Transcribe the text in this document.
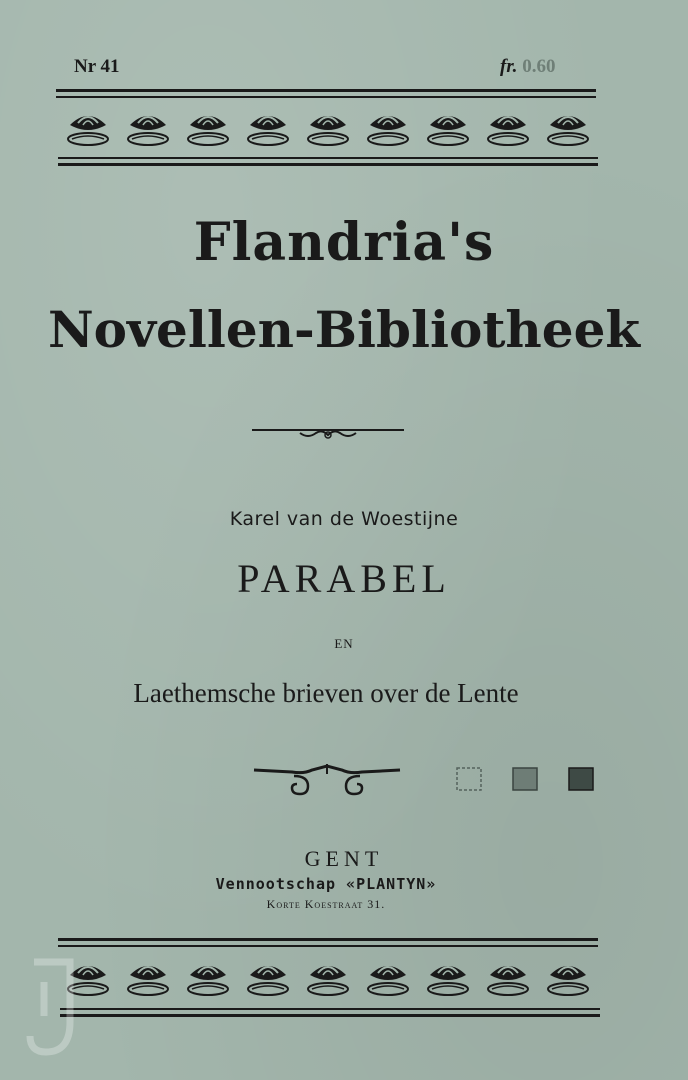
Nr 41	fr. 0.60
Flandria's
Novellen-Bibliotheek
Karel van de Woestijne
PARABEL
EN
Laethemsche brieven over de Lente
GENT
Vennootschap «PLANTYN»
Korte Koestraat 31.
